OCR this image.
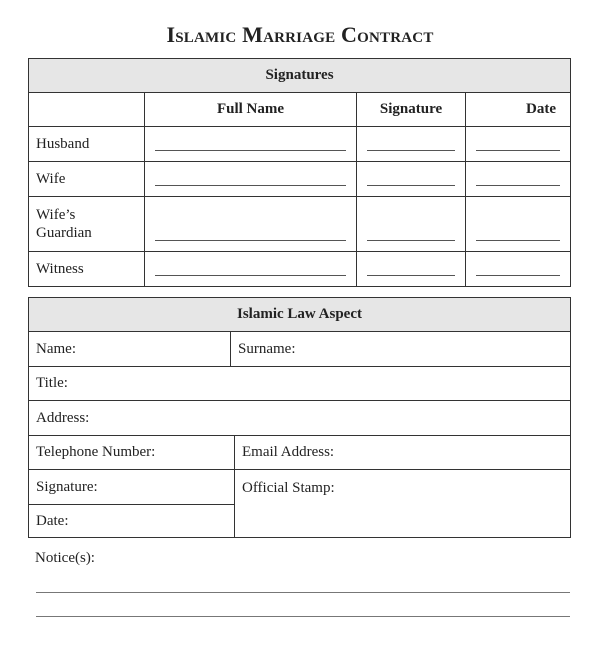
Islamic Marriage Contract
Signatures			
	Full Name	Signature	Date
Husband	

Wife	

Wife’s
Guardian	

Witness	

Islamic Law Aspect		
Name:	Surname:	
Title:		
Address:		
Telephone Number:		Email Address:
Signature:		Official Stamp:
Date:		
Notice(s):
